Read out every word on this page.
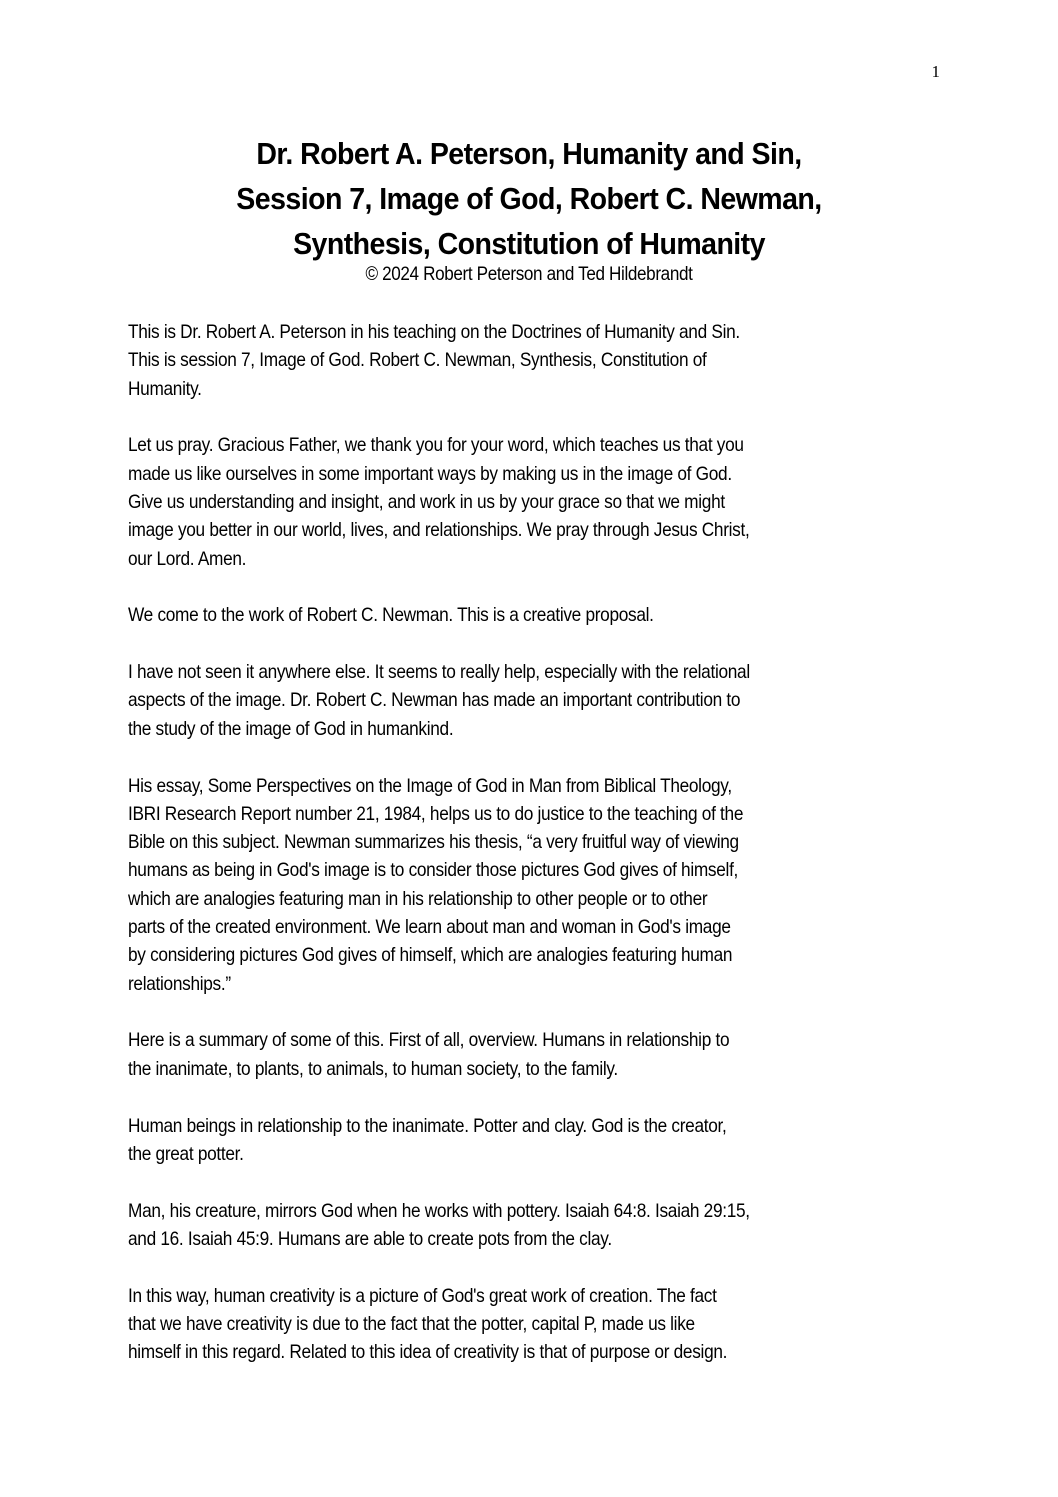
1
Dr. Robert A. Peterson, Humanity and Sin,
Session 7, Image of God, Robert C. Newman,
Synthesis, Constitution of Humanity
© 2024 Robert Peterson and Ted Hildebrandt

This is Dr. Robert A. Peterson in his teaching on the Doctrines of Humanity and Sin.
This is session 7, Image of God. Robert C. Newman, Synthesis, Constitution of
Humanity.

Let us pray. Gracious Father, we thank you for your word, which teaches us that you
made us like ourselves in some important ways by making us in the image of God.
Give us understanding and insight, and work in us by your grace so that we might
image you better in our world, lives, and relationships. We pray through Jesus Christ,
our Lord. Amen.

We come to the work of Robert C. Newman. This is a creative proposal.

I have not seen it anywhere else. It seems to really help, especially with the relational
aspects of the image. Dr. Robert C. Newman has made an important contribution to
the study of the image of God in humankind.

His essay, Some Perspectives on the Image of God in Man from Biblical Theology,
IBRI Research Report number 21, 1984, helps us to do justice to the teaching of the
Bible on this subject. Newman summarizes his thesis, “a very fruitful way of viewing
humans as being in God's image is to consider those pictures God gives of himself,
which are analogies featuring man in his relationship to other people or to other
parts of the created environment. We learn about man and woman in God's image
by considering pictures God gives of himself, which are analogies featuring human
relationships.”

Here is a summary of some of this. First of all, overview. Humans in relationship to
the inanimate, to plants, to animals, to human society, to the family.

Human beings in relationship to the inanimate. Potter and clay. God is the creator,
the great potter.

Man, his creature, mirrors God when he works with pottery. Isaiah 64:8. Isaiah 29:15,
and 16. Isaiah 45:9. Humans are able to create pots from the clay.

In this way, human creativity is a picture of God's great work of creation. The fact
that we have creativity is due to the fact that the potter, capital P, made us like
himself in this regard. Related to this idea of creativity is that of purpose or design.
